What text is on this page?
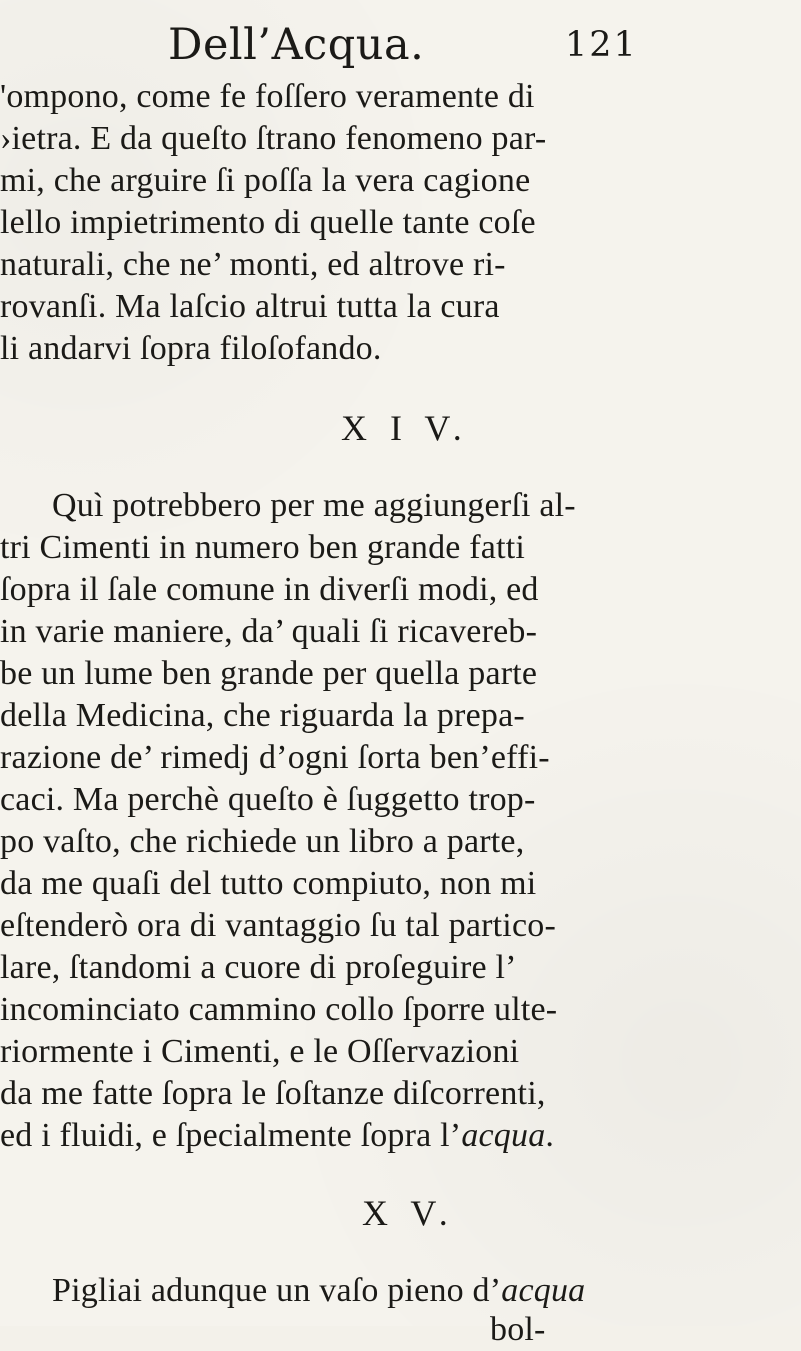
Dell’Acqua.	121
'ompono, come fe foſſero veramente di
›ietra. E da queſto ſtrano fenomeno par-
mi, che arguire ſi poſſa la vera cagione
lello impietrimento di quelle tante coſe
naturali, che ne’ monti, ed altrove ri-
rovanſi. Ma laſcio altrui tutta la cura
li andarvi ſopra filoſofando.
X I V.
Quì potrebbero per me aggiungerſi al-
tri Cimenti in numero ben grande fatti
ſopra il ſale comune in diverſi modi, ed
in varie maniere, da’ quali ſi ricavereb-
be un lume ben grande per quella parte
della Medicina, che riguarda la prepa-
razione de’ rimedj d’ogni ſorta ben’effi-
caci. Ma perchè queſto è ſuggetto trop-
po vaſto, che richiede un libro a parte,
da me quaſi del tutto compiuto, non mi
eſtenderò ora di vantaggio ſu tal partico-
lare, ſtandomi a cuore di proſeguire l’
incominciato cammino collo ſporre ulte-
riormente i Cimenti, e le Oſſervazioni
da me fatte ſopra le ſoſtanze diſcorrenti,
ed i fluidi, e ſpecialmente ſopra l’acqua.
X V.
Pigliai adunque un vaſo pieno d’acqua
bol-
